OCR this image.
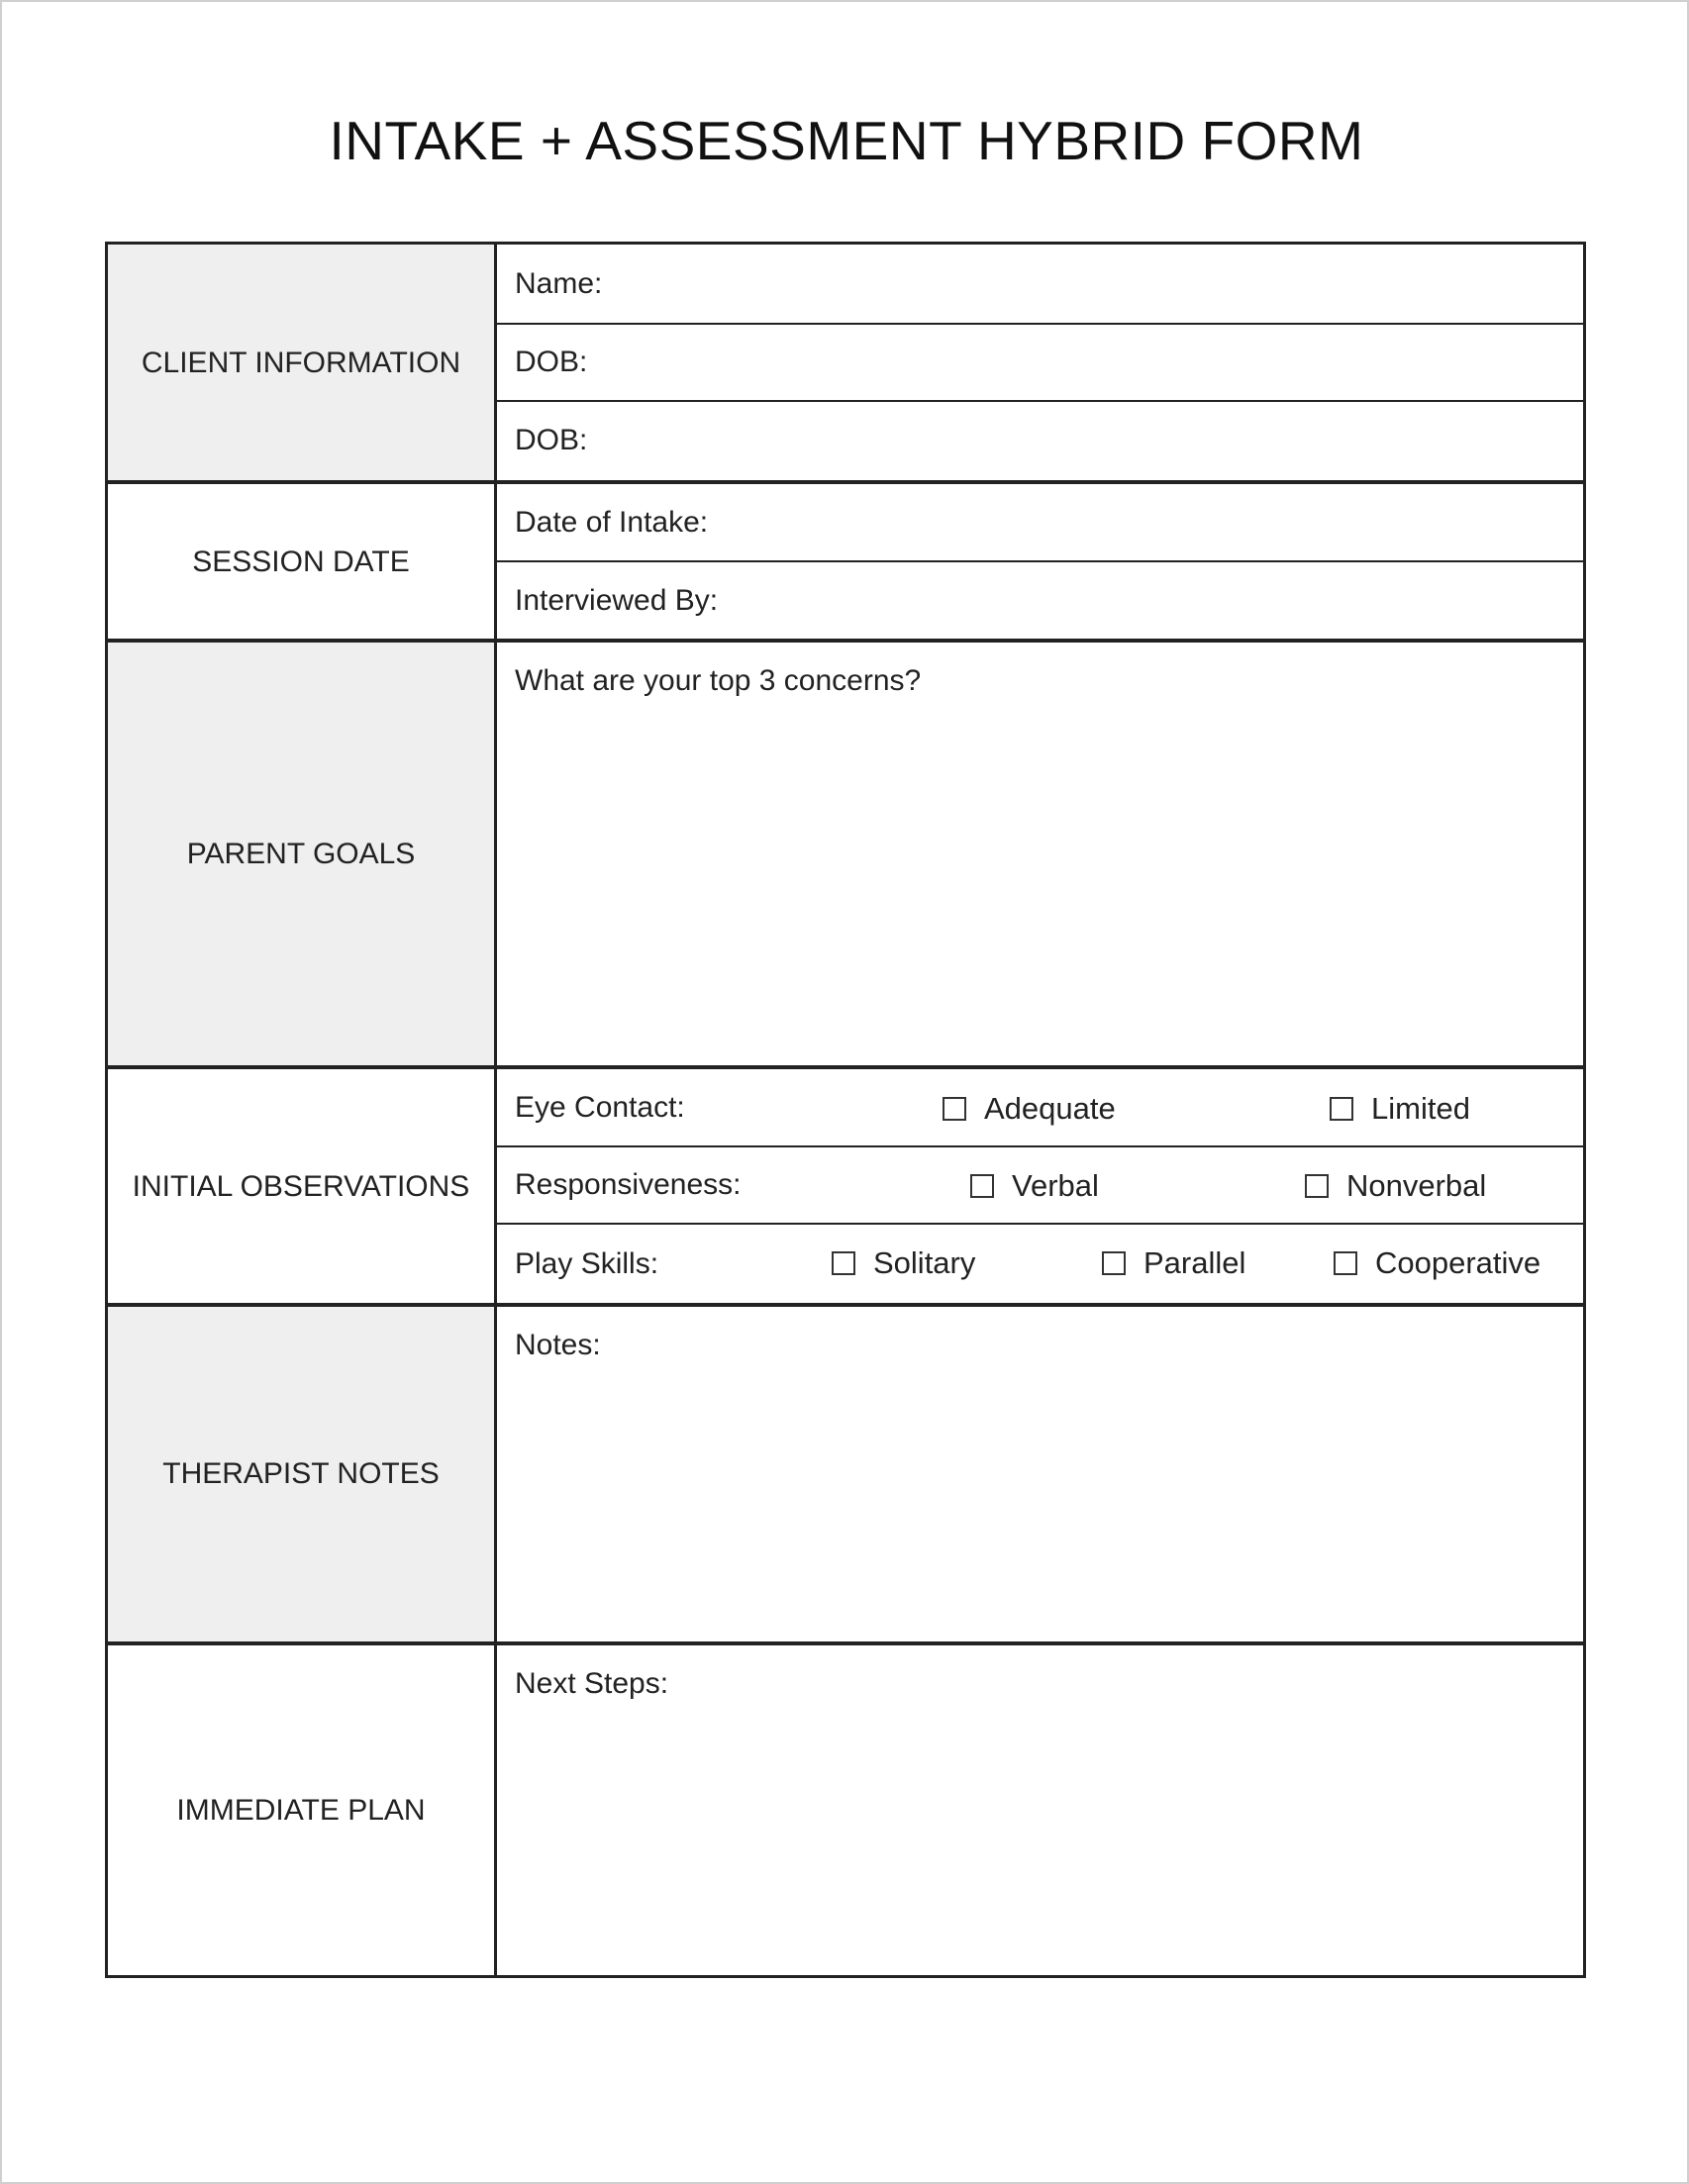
INTAKE + ASSESSMENT HYBRID FORM
CLIENT INFORMATION
Name:
DOB:
DOB:
SESSION DATE
Date of Intake:
Interviewed By:
PARENT GOALS
What are your top 3 concerns?
INITIAL OBSERVATIONS
Eye Contact:	Adequate	Limited
Responsiveness:	Verbal	Nonverbal
Play Skills:	Solitary	Parallel	Cooperative
THERAPIST NOTES
Notes:
IMMEDIATE PLAN
Next Steps:
